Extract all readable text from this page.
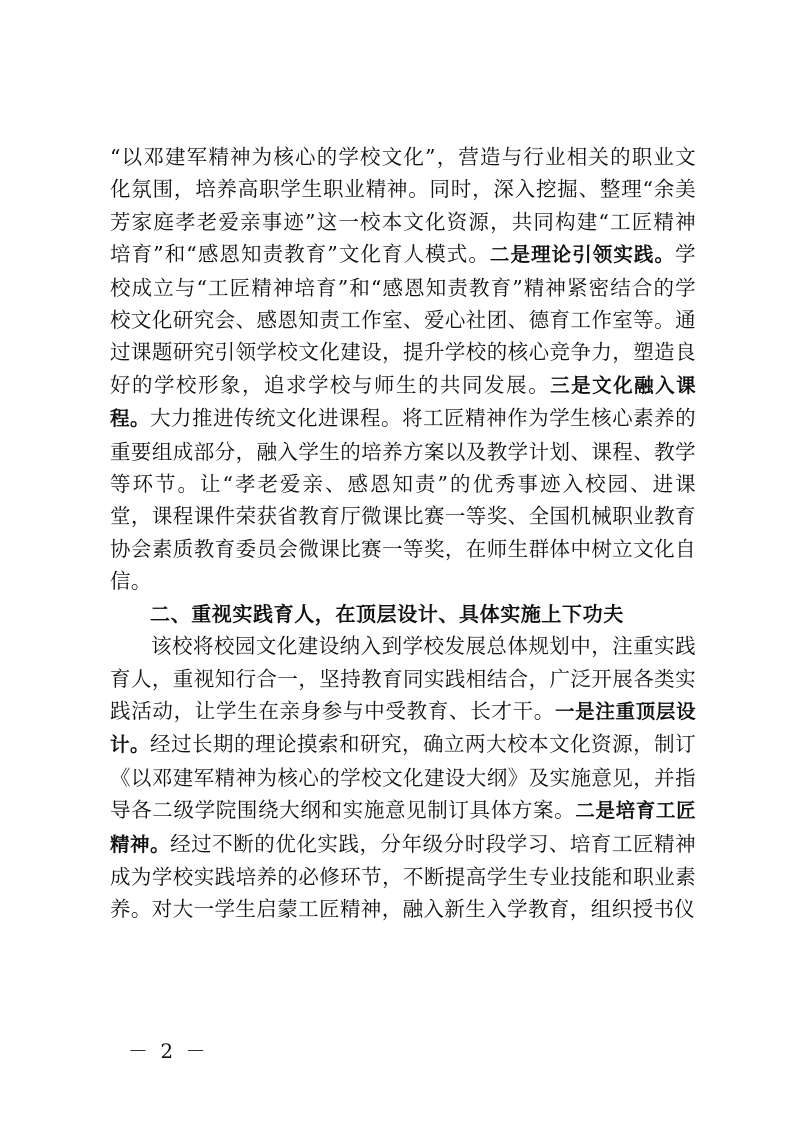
“以邓建军精神为核心的学校文化”，营造与行业相关的职业文化氛围，培养高职学生职业精神。同时，深入挖掘、整理“余美芳家庭孝老爱亲事迹”这一校本文化资源，共同构建“工匠精神培育”和“感恩知责教育”文化育人模式。二是理论引领实践。学校成立与“工匠精神培育”和“感恩知责教育”精神紧密结合的学校文化研究会、感恩知责工作室、爱心社团、德育工作室等。通过课题研究引领学校文化建设，提升学校的核心竞争力，塑造良好的学校形象，追求学校与师生的共同发展。三是文化融入课程。大力推进传统文化进课程。将工匠精神作为学生核心素养的重要组成部分，融入学生的培养方案以及教学计划、课程、教学等环节。让“孝老爱亲、感恩知责”的优秀事迹入校园、进课堂，课程课件荣获省教育厅微课比赛一等奖、全国机械职业教育协会素质教育委员会微课比赛一等奖，在师生群体中树立文化自信。

二、重视实践育人，在顶层设计、具体实施上下功夫

该校将校园文化建设纳入到学校发展总体规划中，注重实践育人，重视知行合一，坚持教育同实践相结合，广泛开展各类实践活动，让学生在亲身参与中受教育、长才干。一是注重顶层设计。经过长期的理论摸索和研究，确立两大校本文化资源，制订《以邓建军精神为核心的学校文化建设大纲》及实施意见，并指导各二级学院围绕大纲和实施意见制订具体方案。二是培育工匠精神。经过不断的优化实践，分年级分时段学习、培育工匠精神成为学校实践培养的必修环节，不断提高学生专业技能和职业素养。对大一学生启蒙工匠精神，融入新生入学教育，组织授书仪

－ 2 －
